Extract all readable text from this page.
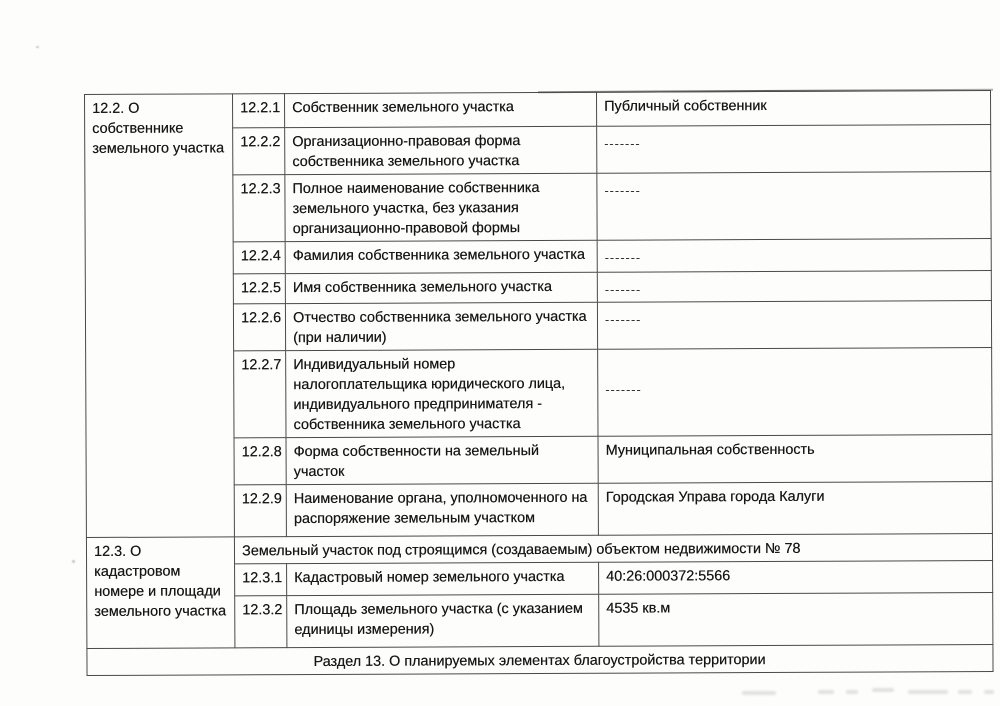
12.2. О собственнике земельного участка	12.2.1	Собственник земельного участка	Публичный собственник
	12.2.2	Организационно-правовая форма собственника земельного участка	-------
	12.2.3	Полное наименование собственника земельного участка, без указания организационно-правовой формы	-------
	12.2.4	Фамилия собственника земельного участка	-------
	12.2.5	Имя собственника земельного участка	-------
	12.2.6	Отчество собственника земельного участка (при наличии)	-------
	12.2.7	Индивидуальный номер налогоплательщика юридического лица, индивидуального предпринимателя - собственника земельного участка	-------
	12.2.8	Форма собственности на земельный участок	Муниципальная собственность
	12.2.9	Наименование органа, уполномоченного на распоряжение земельным участком	Городская Управа города Калуги
12.3. О кадастровом номере и площади земельного участка	Земельный участок под строящимся (создаваемым) объектом недвижимости № 78		
	12.3.1	Кадастровый номер земельного участка	40:26:000372:5566
	12.3.2	Площадь земельного участка (с указанием единицы измерения)	4535 кв.м
Раздел 13. О планируемых элементах благоустройства территории			
